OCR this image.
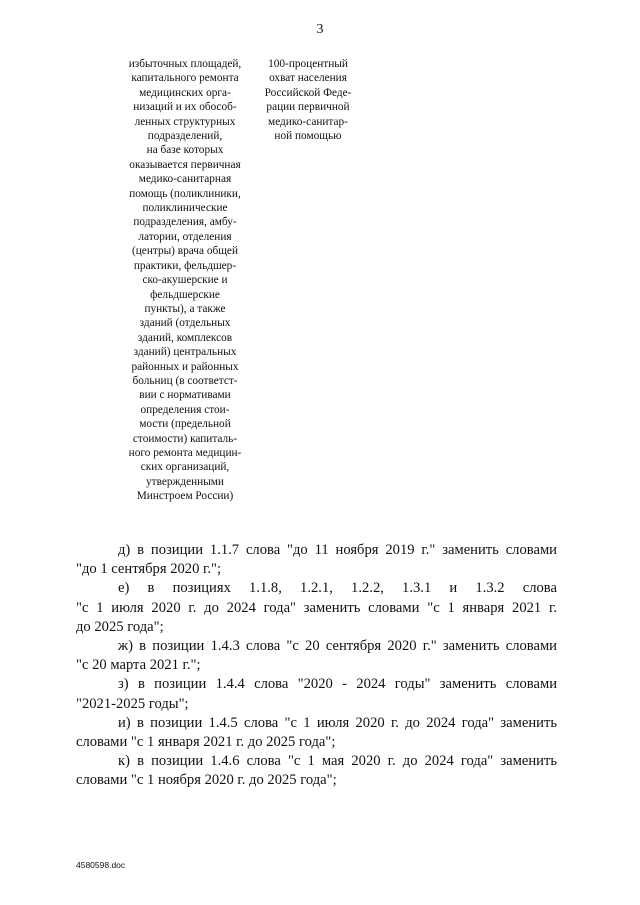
3
избыточных площадей,
капитального ремонта
медицинских орга-
низаций и их обособ-
ленных структурных
подразделений,
на базе которых
оказывается первичная
медико-санитарная
помощь (поликлиники,
поликлинические
подразделения, амбу-
латории, отделения
(центры) врача общей
практики, фельдшер-
ско-акушерские и
фельдшерские
пункты), а также
зданий (отдельных
зданий, комплексов
зданий) центральных
районных и районных
больниц (в соответст-
вии с нормативами
определения стои-
мости (предельной
стоимости) капиталь-
ного ремонта медицин-
ских организаций,
утвержденными
Минстроем России)
100-процентный
охват населения
Российской Феде-
рации первичной
медико-санитар-
ной помощью
д) в позиции 1.1.7 слова "до 11 ноября 2019 г." заменить словами
"до 1 сентября 2020 г.";
е) в позициях 1.1.8, 1.2.1, 1.2.2, 1.3.1 и 1.3.2 слова
"с 1 июля 2020 г. до 2024 года" заменить словами "с 1 января 2021 г.
до 2025 года";
ж) в позиции 1.4.3 слова "с 20 сентября 2020 г." заменить словами
"с 20 марта 2021 г.";
з) в позиции 1.4.4 слова "2020 - 2024 годы" заменить словами
"2021-2025 годы";
и) в позиции 1.4.5 слова "с 1 июля 2020 г. до 2024 года" заменить
словами "с 1 января 2021 г. до 2025 года";
к) в позиции 1.4.6 слова "с 1 мая 2020 г. до 2024 года" заменить
словами "с 1 ноября 2020 г. до 2025 года";
4580598.doc
